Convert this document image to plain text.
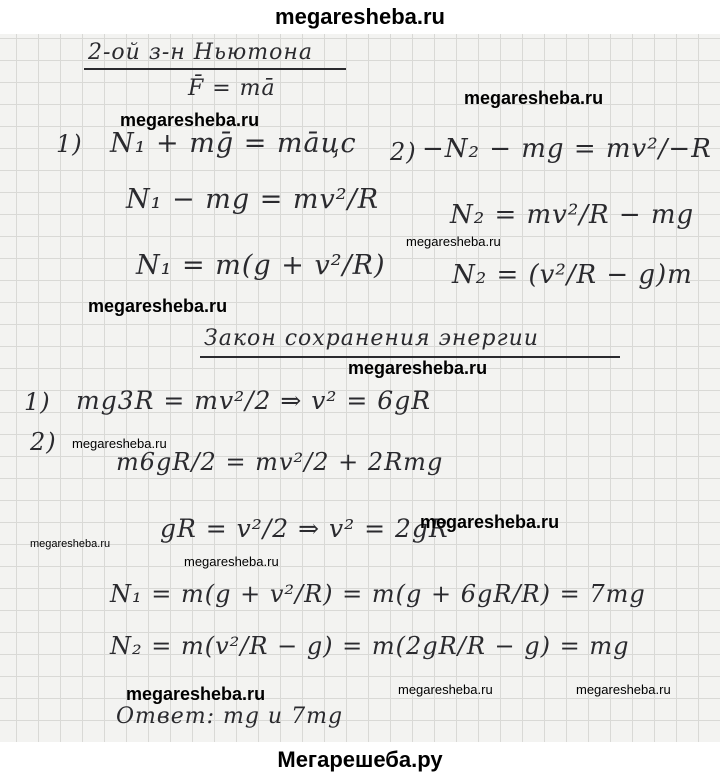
megaresheba.ru
2-ой з-н Ньютона
F̄ = mā
1) N₁ + mḡ = māцс
N₁ − mg = mv²/R
N₁ = m(g + v²/R)
2) −N₂ − mg = mv²/−R
N₂ = mv²/R − mg
N₂ = (v²/R − g)m
Закон сохранения энергии
1) mg3R = mv²/2 ⇒ v² = 6gR
2)
m6gR/2 = mv²/2 + 2Rmg
gR = v²/2 ⇒ v² = 2gR
N₁ = m(g + v²/R) = m(g + 6gR/R) = 7mg
N₂ = m(v²/R − g) = m(2gR/R − g) = mg
Ответ: mg и 7mg
megaresheba.ru
megaresheba.ru
megaresheba.ru
megaresheba.ru
megaresheba.ru
megaresheba.ru
megaresheba.ru
megaresheba.ru
megaresheba.ru
megaresheba.ru	megaresheba.ru	megaresheba.ru
Мегарешеба.ру
